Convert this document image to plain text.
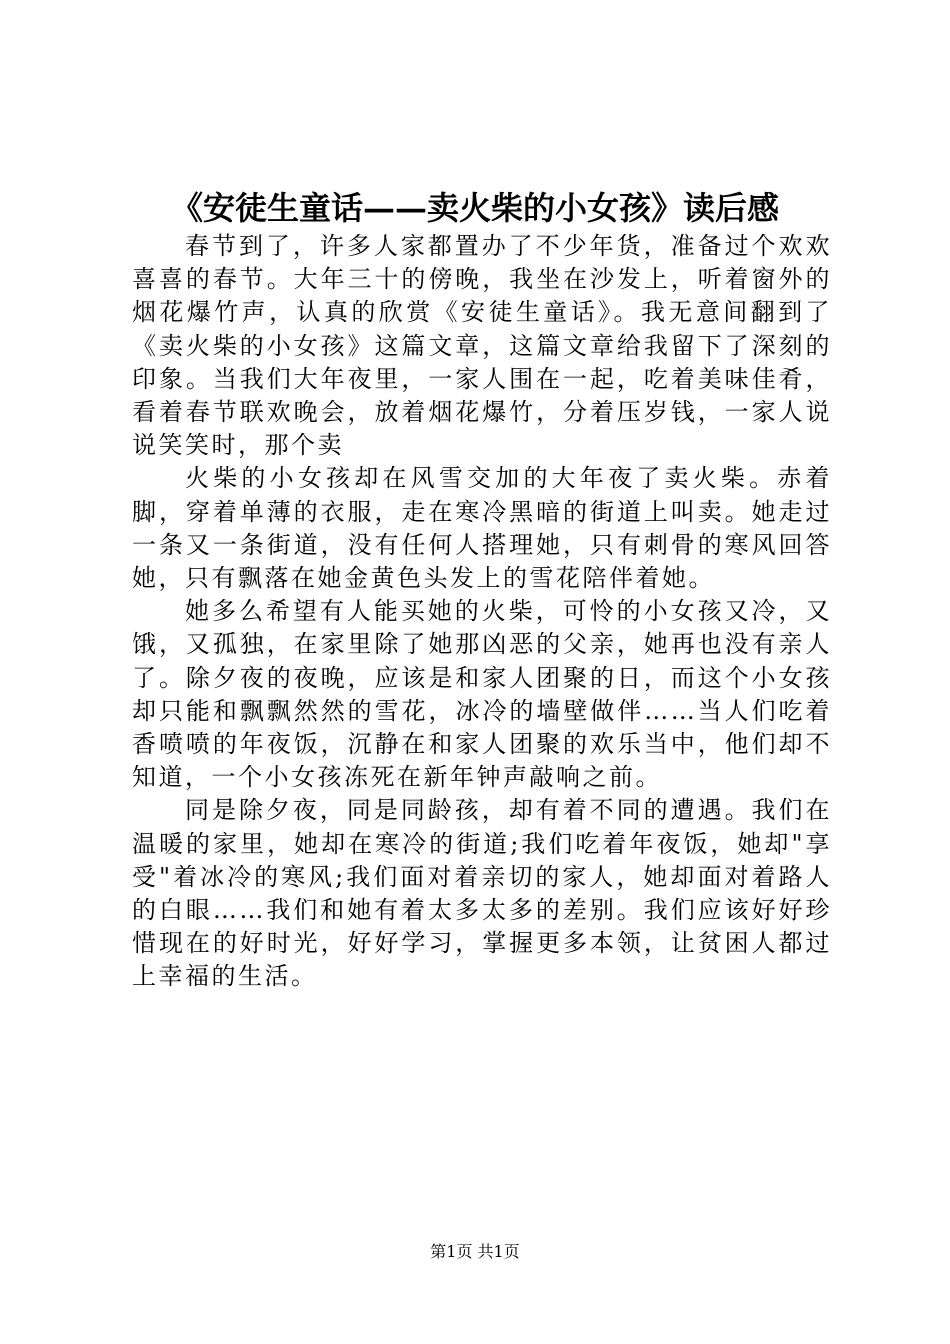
《安徒生童话——卖火柴的小女孩》读后感

春节到了，许多人家都置办了不少年货，准备过个欢欢喜喜的春节。大年三十的傍晚，我坐在沙发上，听着窗外的烟花爆竹声，认真的欣赏《安徒生童话》。我无意间翻到了《卖火柴的小女孩》这篇文章，这篇文章给我留下了深刻的印象。当我们大年夜里，一家人围在一起，吃着美味佳肴，看着春节联欢晚会，放着烟花爆竹，分着压岁钱，一家人说说笑笑时，那个卖

火柴的小女孩却在风雪交加的大年夜了卖火柴。赤着脚，穿着单薄的衣服，走在寒冷黑暗的街道上叫卖。她走过一条又一条街道，没有任何人搭理她，只有刺骨的寒风回答她，只有飘落在她金黄色头发上的雪花陪伴着她。

她多么希望有人能买她的火柴，可怜的小女孩又冷，又饿，又孤独，在家里除了她那凶恶的父亲，她再也没有亲人了。除夕夜的夜晚，应该是和家人团聚的日，而这个小女孩却只能和飘飘然然的雪花，冰冷的墙壁做伴……当人们吃着香喷喷的年夜饭，沉静在和家人团聚的欢乐当中，他们却不知道，一个小女孩冻死在新年钟声敲响之前。

同是除夕夜，同是同龄孩，却有着不同的遭遇。我们在温暖的家里，她却在寒冷的街道;我们吃着年夜饭，她却"享受"着冰冷的寒风;我们面对着亲切的家人，她却面对着路人的白眼……我们和她有着太多太多的差别。我们应该好好珍惜现在的好时光，好好学习，掌握更多本领，让贫困人都过上幸福的生活。

第1页 共1页
